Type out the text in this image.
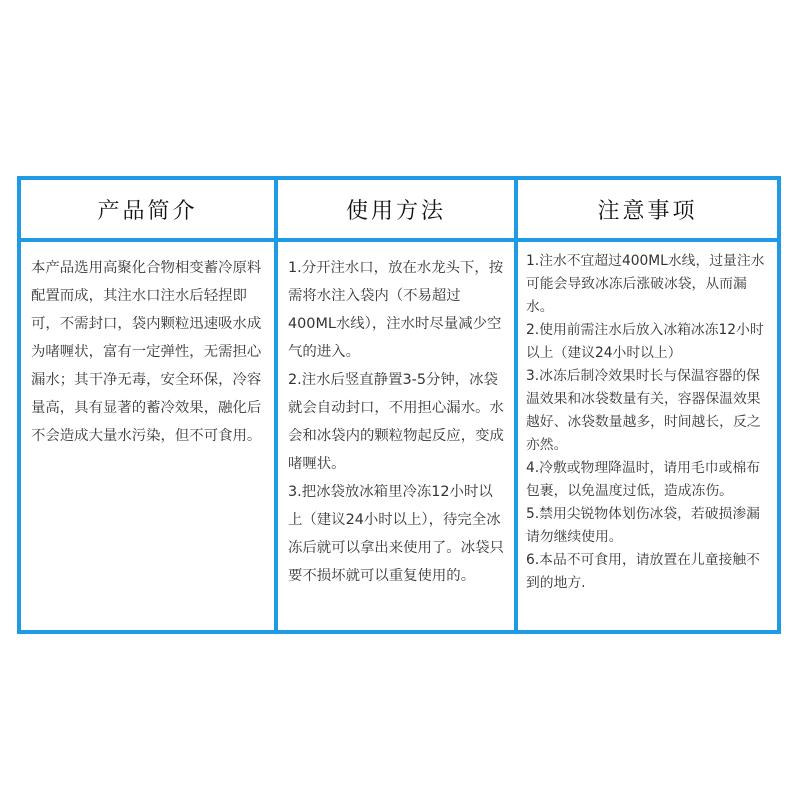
产品简介	使用方法	注意事项

本产品选用高聚化合物相变蓄冷原料配置而成，其注水口注水后轻捏即可，不需封口，袋内颗粒迅速吸水成为啫喱状，富有一定弹性，无需担心漏水；其干净无毒，安全环保，冷容量高，具有显著的蓄冷效果，融化后不会造成大量水污染，但不可食用。

1.分开注水口，放在水龙头下，按需将水注入袋内（不易超过400ML水线），注水时尽量减少空气的进入。

2.注水后竖直静置3-5分钟，冰袋就会自动封口，不用担心漏水。水会和冰袋内的颗粒物起反应，变成啫喱状。

3.把冰袋放冰箱里冷冻12小时以上（建议24小时以上），待完全冰冻后就可以拿出来使用了。冰袋只要不损坏就可以重复使用的。

1.注水不宜超过400ML水线，过量注水可能会导致冰冻后涨破冰袋，从而漏水。

2.使用前需注水后放入冰箱冰冻12小时以上（建议24小时以上）

3.冰冻后制冷效果时长与保温容器的保温效果和冰袋数量有关，容器保温效果越好、冰袋数量越多，时间越长，反之亦然。

4.冷敷或物理降温时，请用毛巾或棉布包裹，以免温度过低，造成冻伤。

5.禁用尖锐物体划伤冰袋，若破损渗漏请勿继续使用。

6.本品不可食用，请放置在儿童接触不到的地方.
